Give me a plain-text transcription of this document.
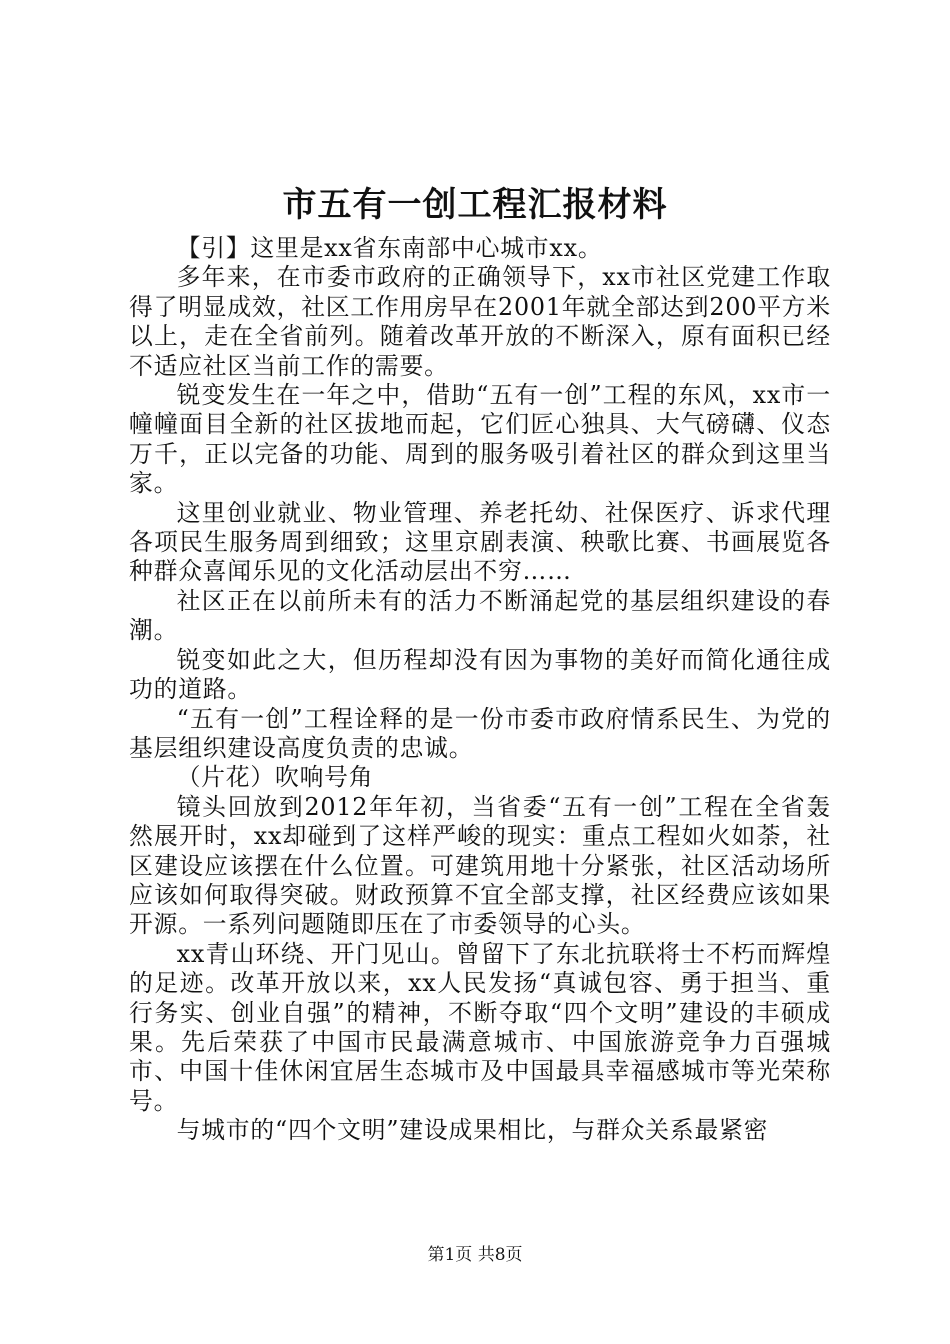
市五有一创工程汇报材料

【引】这里是xx省东南部中心城市xx。

多年来，在市委市政府的正确领导下，xx市社区党建工作取得了明显成效，社区工作用房早在2001年就全部达到200平方米以上，走在全省前列。随着改革开放的不断深入，原有面积已经不适应社区当前工作的需要。

锐变发生在一年之中，借助“五有一创”工程的东风，xx市一幢幢面目全新的社区拔地而起，它们匠心独具、大气磅礴、仪态万千，正以完备的功能、周到的服务吸引着社区的群众到这里当家。

这里创业就业、物业管理、养老托幼、社保医疗、诉求代理各项民生服务周到细致；这里京剧表演、秧歌比赛、书画展览各种群众喜闻乐见的文化活动层出不穷……

社区正在以前所未有的活力不断涌起党的基层组织建设的春潮。

锐变如此之大，但历程却没有因为事物的美好而简化通往成功的道路。

“五有一创”工程诠释的是一份市委市政府情系民生、为党的基层组织建设高度负责的忠诚。

（片花）吹响号角

镜头回放到2012年年初，当省委“五有一创”工程在全省轰然展开时，xx却碰到了这样严峻的现实：重点工程如火如荼，社区建设应该摆在什么位置。可建筑用地十分紧张，社区活动场所应该如何取得突破。财政预算不宜全部支撑，社区经费应该如果开源。一系列问题随即压在了市委领导的心头。

xx青山环绕、开门见山。曾留下了东北抗联将士不朽而辉煌的足迹。改革开放以来，xx人民发扬“真诚包容、勇于担当、重行务实、创业自强”的精神，不断夺取“四个文明”建设的丰硕成果。先后荣获了中国市民最满意城市、中国旅游竞争力百强城市、中国十佳休闲宜居生态城市及中国最具幸福感城市等光荣称号。

与城市的“四个文明”建设成果相比，与群众关系最紧密

第1页 共8页
